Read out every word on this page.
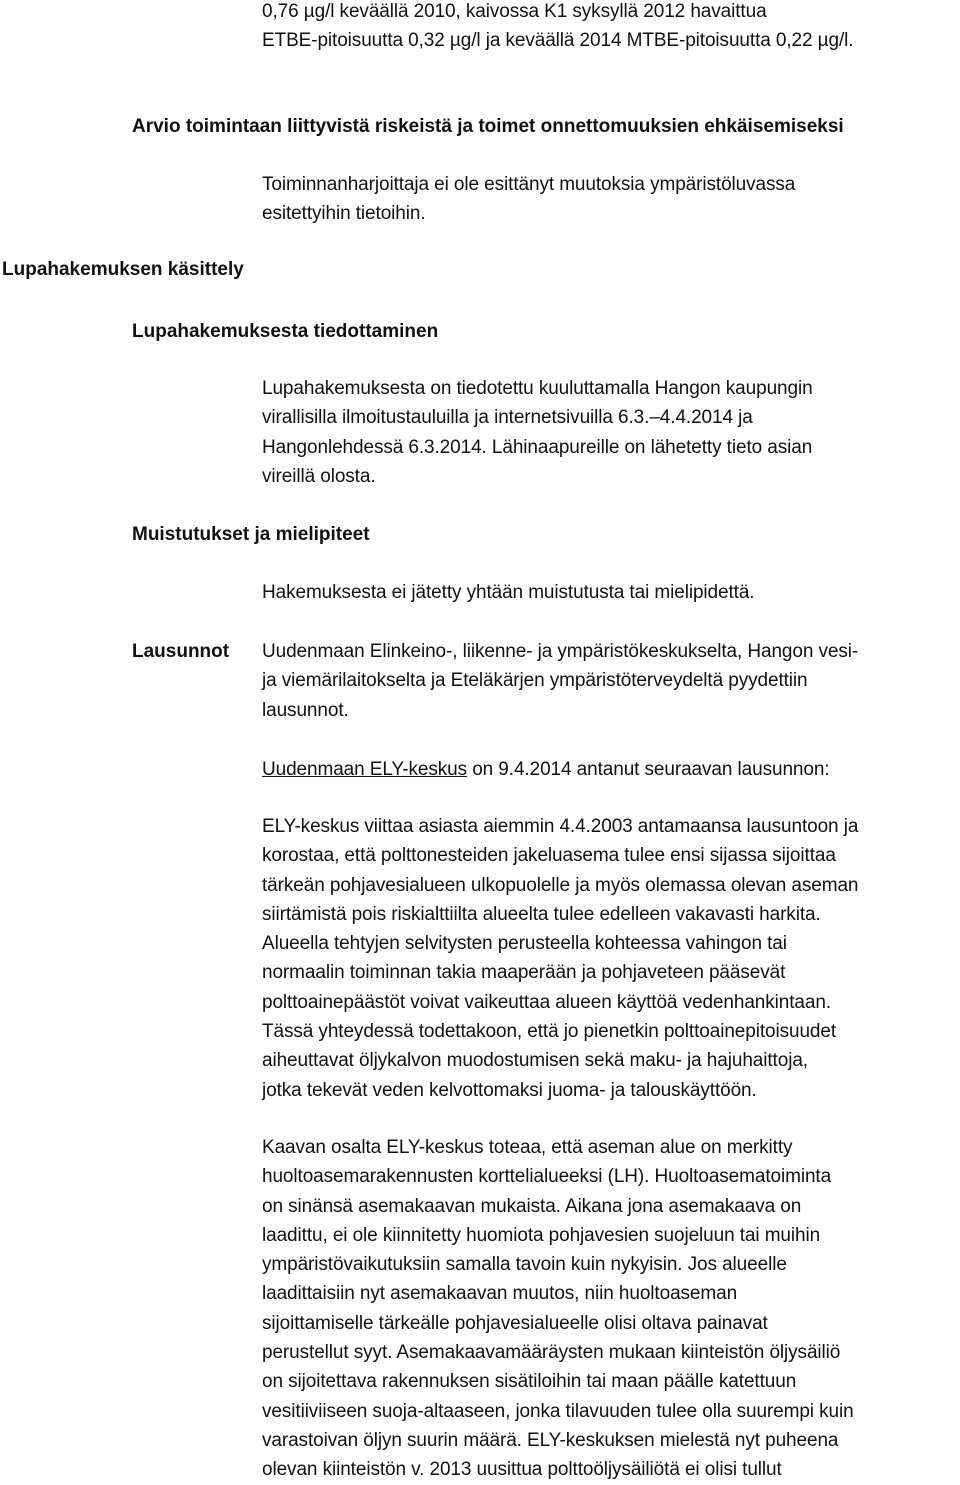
0,76 µg/l keväällä 2010, kaivossa K1 syksyllä 2012 havaittua
ETBE-pitoisuutta 0,32 µg/l ja keväällä 2014 MTBE-pitoisuutta 0,22 µg/l.

Arvio toimintaan liittyvistä riskeistä ja toimet onnettomuuksien ehkäisemiseksi

Toiminnanharjoittaja ei ole esittänyt muutoksia ympäristöluvassa
esitettyihin tietoihin.

Lupahakemuksen käsittely
Lupahakemuksesta tiedottaminen

Lupahakemuksesta on tiedotettu kuuluttamalla Hangon kaupungin
virallisilla ilmoitustauluilla ja internetsivuilla 6.3.–4.4.2014 ja
Hangonlehdessä 6.3.2014. Lähinaapureille on lähetetty tieto asian
vireillä olosta.

Muistutukset ja mielipiteet

Hakemuksesta ei jätetty yhtään muistutusta tai mielipidettä.

Lausunnot Uudenmaan Elinkeino-, liikenne- ja ympäristökeskukselta, Hangon vesi-
ja viemärilaitokselta ja Eteläkärjen ympäristöterveydeltä pyydettiin
lausunnot.

Uudenmaan ELY-keskus on 9.4.2014 antanut seuraavan lausunnon:

ELY-keskus viittaa asiasta aiemmin 4.4.2003 antamaansa lausuntoon ja
korostaa, että polttonesteiden jakeluasema tulee ensi sijassa sijoittaa
tärkeän pohjavesialueen ulkopuolelle ja myös olemassa olevan aseman
siirtämistä pois riskialttiilta alueelta tulee edelleen vakavasti harkita.
Alueella tehtyjen selvitysten perusteella kohteessa vahingon tai
normaalin toiminnan takia maaperään ja pohjaveteen pääsevät
polttoainepäästöt voivat vaikeuttaa alueen käyttöä vedenhankintaan.
Tässä yhteydessä todettakoon, että jo pienetkin polttoainepitoisuudet
aiheuttavat öljykalvon muodostumisen sekä maku- ja hajuhaittoja,
jotka tekevät veden kelvottomaksi juoma- ja talouskäyttöön.

Kaavan osalta ELY-keskus toteaa, että aseman alue on merkitty
huoltoasemarakennusten korttelialueeksi (LH). Huoltoasematoiminta
on sinänsä asemakaavan mukaista. Aikana jona asemakaava on
laadittu, ei ole kiinnitetty huomiota pohjavesien suojeluun tai muihin
ympäristövaikutuksiin samalla tavoin kuin nykyisin. Jos alueelle
laadittaisiin nyt asemakaavan muutos, niin huoltoaseman
sijoittamiselle tärkeälle pohjavesialueelle olisi oltava painavat
perustellut syyt. Asemakaavamääräysten mukaan kiinteistön öljysäiliö
on sijoitettava rakennuksen sisätiloihin tai maan päälle katettuun
vesitiiviiseen suoja-altaaseen, jonka tilavuuden tulee olla suurempi kuin
varastoivan öljyn suurin määrä. ELY-keskuksen mielestä nyt puheena
olevan kiinteistön v. 2013 uusittua polttoöljysäiliötä ei olisi tullut
